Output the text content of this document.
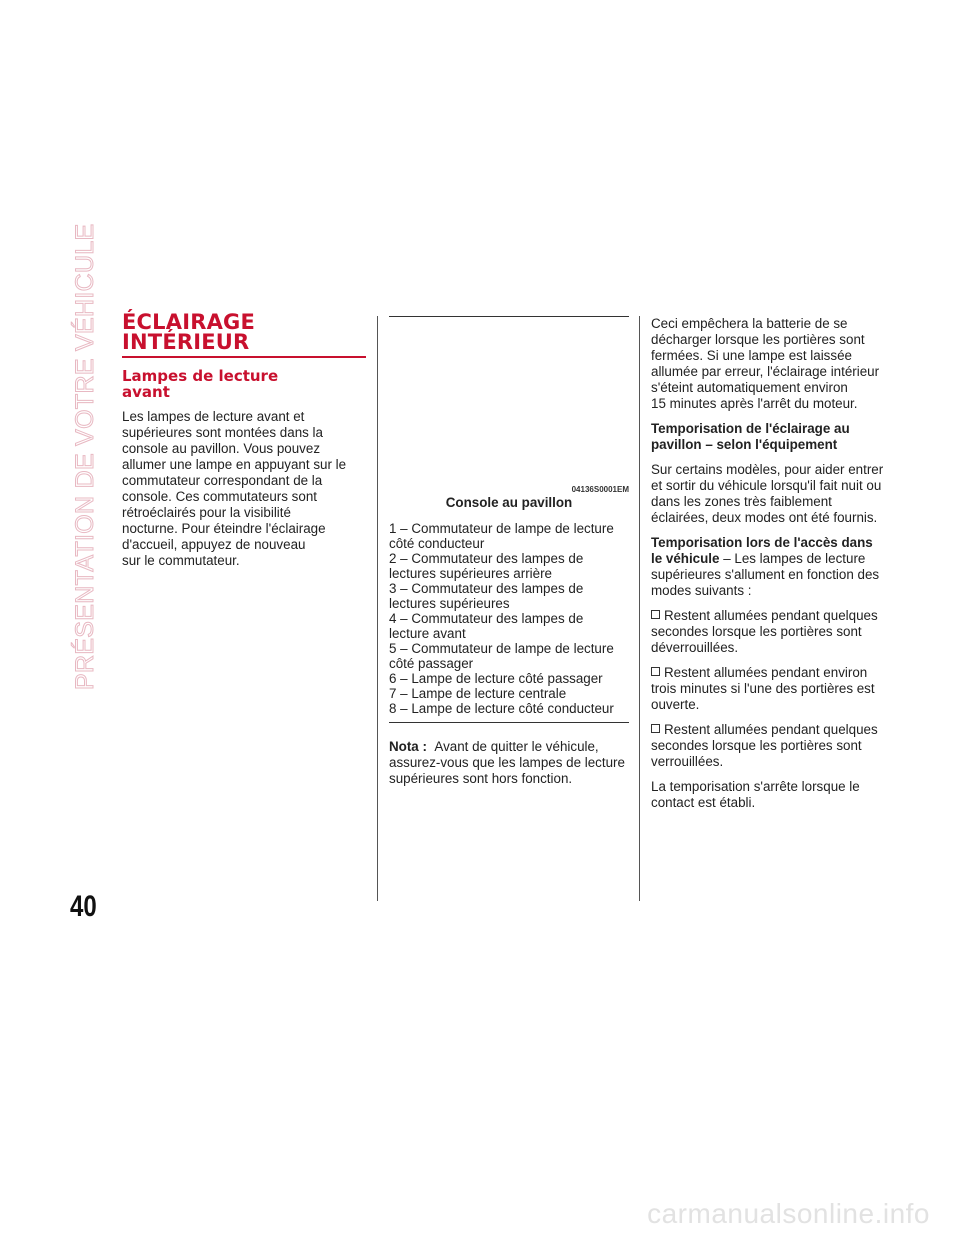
PRÉSENTATION DE VOTRE VÉHICULE
40
ÉCLAIRAGE
INTÉRIEUR
Lampes de lecture
avant

Les lampes de lecture avant et
supérieures sont montées dans la
console au pavillon. Vous pouvez
allumer une lampe en appuyant sur le
commutateur correspondant de la
console. Ces commutateurs sont
rétroéclairés pour la visibilité
nocturne. Pour éteindre l'éclairage
d'accueil, appuyez de nouveau
sur le commutateur.

04136S0001EM
Console au pavillon
1 – Commutateur de lampe de lecture
côté conducteur
2 – Commutateur des lampes de
lectures supérieures arrière
3 – Commutateur des lampes de
lectures supérieures
4 – Commutateur des lampes de
lecture avant
5 – Commutateur de lampe de lecture
côté passager
6 – Lampe de lecture côté passager
7 – Lampe de lecture centrale
8 – Lampe de lecture côté conducteur

Nota : Avant de quitter le véhicule,
assurez-vous que les lampes de lecture
supérieures sont hors fonction.

Ceci empêchera la batterie de se
décharger lorsque les portières sont
fermées. Si une lampe est laissée
allumée par erreur, l'éclairage intérieur
s'éteint automatiquement environ
15 minutes après l'arrêt du moteur.

Temporisation de l'éclairage au
pavillon – selon l'équipement

Sur certains modèles, pour aider entrer
et sortir du véhicule lorsqu'il fait nuit ou
dans les zones très faiblement
éclairées, deux modes ont été fournis.

Temporisation lors de l'accès dans
le véhicule – Les lampes de lecture
supérieures s'allument en fonction des
modes suivants :

Restent allumées pendant quelques
secondes lorsque les portières sont
déverrouillées.

Restent allumées pendant environ
trois minutes si l'une des portières est
ouverte.

Restent allumées pendant quelques
secondes lorsque les portières sont
verrouillées.

La temporisation s'arrête lorsque le
contact est établi.

carmanualsonline.info
